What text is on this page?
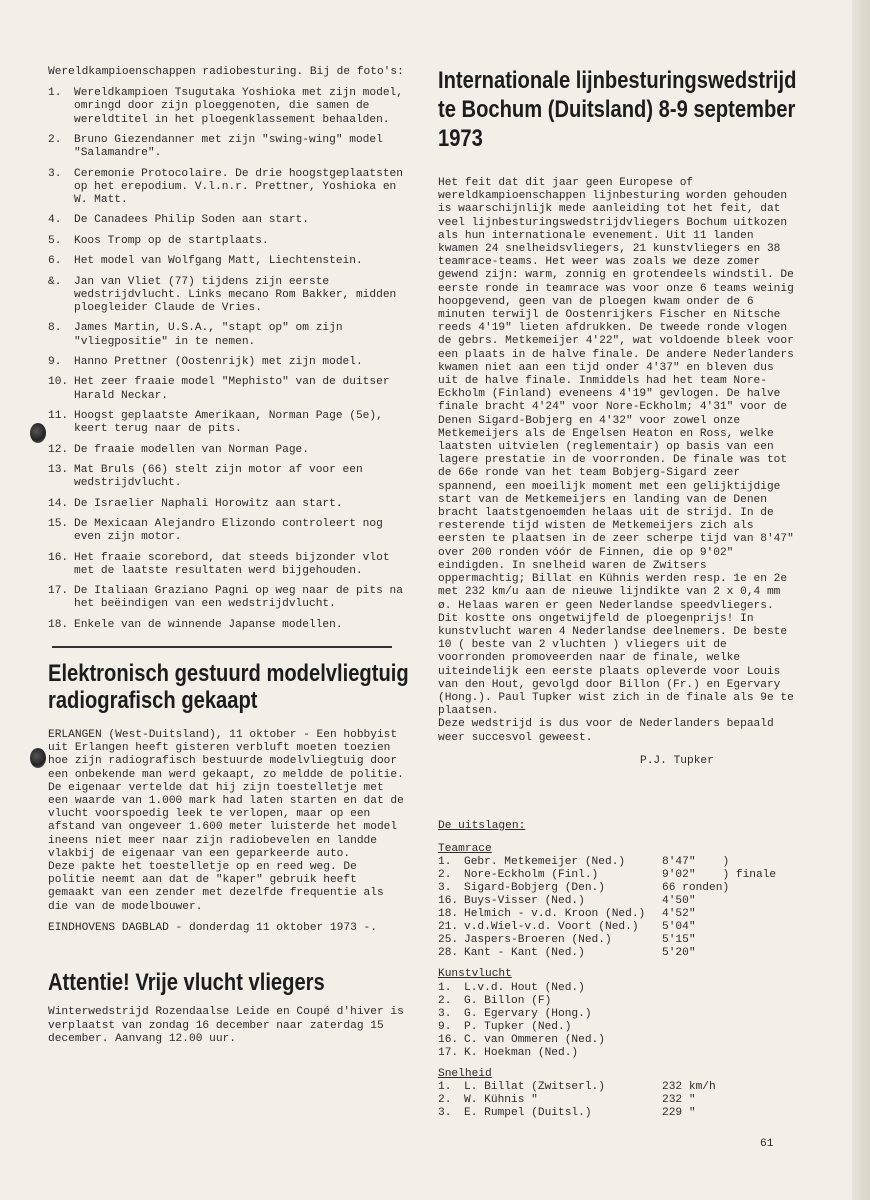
Wereldkampioenschappen radiobesturing. Bij de foto's:

1.	Wereldkampioen Tsugutaka Yoshioka met zijn model, omringd door zijn ploeggenoten, die samen de wereldtitel in het ploegenklassement behaalden.
2.	Bruno Giezendanner met zijn "swing-wing" model "Salamandre".
3.	Ceremonie Protocolaire. De drie hoogstgeplaatsten op het erepodium. V.l.n.r. Prettner, Yoshioka en W. Matt.
4.	De Canadees Philip Soden aan start.
5.	Koos Tromp op de startplaats.
6.	Het model van Wolfgang Matt, Liechtenstein.
&.	Jan van Vliet (77) tijdens zijn eerste wedstrijdvlucht. Links mecano Rom Bakker, midden ploegleider Claude de Vries.
8.	James Martin, U.S.A., "stapt op" om zijn "vliegpositie" in te nemen.
9.	Hanno Prettner (Oostenrijk) met zijn model.
10. Het zeer fraaie model "Mephisto" van de duitser Harald Neckar.
11. Hoogst geplaatste Amerikaan, Norman Page (5e), keert terug naar de pits.
12. De fraaie modellen van Norman Page.
13. Mat Bruls (66) stelt zijn motor af voor een wedstrijdvlucht.
14. De Israelier Naphali Horowitz aan start.
15. De Mexicaan Alejandro Elizondo controleert nog even zijn motor.
16. Het fraaie scorebord, dat steeds bijzonder vlot met de laatste resultaten werd bijgehouden.
17. De Italiaan Graziano Pagni op weg naar de pits na het beëindigen van een wedstrijdvlucht.
18. Enkele van de winnende Japanse modellen.
Elektronisch gestuurd modelvliegtuig radiografisch gekaapt

ERLANGEN (West-Duitsland), 11 oktober - Een hobbyist uit Erlangen heeft gisteren verbluft moeten toezien hoe zijn radiografisch bestuurde modelvliegtuig door een onbekende man werd gekaapt, zo meldde de politie.

De eigenaar vertelde dat hij zijn toestelletje met een waarde van 1.000 mark had laten starten en dat de vlucht voorspoedig leek te verlopen, maar op een afstand van ongeveer 1.600 meter luisterde het model ineens niet meer naar zijn radiobevelen en landde vlakbij de eigenaar van een geparkeerde auto.

Deze pakte het toestelletje op en reed weg. De politie neemt aan dat de "kaper" gebruik heeft gemaakt van een zender met dezelfde frequentie als die van de modelbouwer.

EINDHOVENS DAGBLAD - donderdag 11 oktober 1973 -.

Attentie! Vrije vlucht vliegers

Winterwedstrijd Rozendaalse Leide en Coupé d'hiver is verplaatst van zondag 16 december naar zaterdag 15 december. Aanvang 12.00 uur.

Internationale lijnbesturingswedstrijd te Bochum (Duitsland) 8-9 september 1973

Het feit dat dit jaar geen Europese of wereldkampioenschappen lijnbesturing worden gehouden is waarschijnlijk mede aanleiding tot het feit, dat veel lijnbesturingswedstrijdvliegers Bochum uitkozen als hun internationale evenement. Uit 11 landen kwamen 24 snelheidsvliegers, 21 kunstvliegers en 38 teamrace-teams. Het weer was zoals we deze zomer gewend zijn: warm, zonnig en grotendeels windstil. De eerste ronde in teamrace was voor onze 6 teams weinig hoopgevend, geen van de ploegen kwam onder de 6 minuten terwijl de Oostenrijkers Fischer en Nitsche reeds 4'19" lieten afdrukken. De tweede ronde vlogen de gebrs. Metkemeijer 4'22", wat voldoende bleek voor een plaats in de halve finale. De andere Nederlanders kwamen niet aan een tijd onder 4'37" en bleven dus uit de halve finale. Inmiddels had het team Nore-Eckholm (Finland) eveneens 4'19" gevlogen. De halve finale bracht 4'24" voor Nore-Eckholm; 4'31" voor de Denen Sigard-Bobjerg en 4'32" voor zowel onze Metkemeijers als de Engelsen Heaton en Ross, welke laatsten uitvielen (reglementair) op basis van een lagere prestatie in de voorronden. De finale was tot de 66e ronde van het team Bobjerg-Sigard zeer spannend, een moeilijk moment met een gelijktijdige start van de Metkemeijers en landing van de Denen bracht laatstgenoemden helaas uit de strijd. In de resterende tijd wisten de Metkemeijers zich als eersten te plaatsen in de zeer scherpe tijd van 8'47" over 200 ronden vóór de Finnen, die op 9'02" eindigden. In snelheid waren de Zwitsers oppermachtig; Billat en Kühnis werden resp. 1e en 2e met 232 km/u aan de nieuwe lijndikte van 2 x 0,4 mm ø. Helaas waren er geen Nederlandse speedvliegers. Dit kostte ons ongetwijfeld de ploegenprijs! In kunstvlucht waren 4 Nederlandse deelnemers. De beste 10 ( beste van 2 vluchten ) vliegers uit de voorronden promoveerden naar de finale, welke uiteindelijk een eerste plaats opleverde voor Louis van den Hout, gevolgd door Billon (Fr.) en Egervary (Hong.). Paul Tupker wist zich in de finale als 9e te plaatsen.

Deze wedstrijd is dus voor de Nederlanders bepaald weer succesvol geweest.

P.J. Tupker

De uitslagen:
Teamrace
1.	Gebr. Metkemeijer (Ned.)	8'47"	)
2.	Nore-Eckholm (Finl.)	9'02"	) finale
3.	Sigard-Bobjerg (Den.)	66 ronden	)
16.	Buys-Visser (Ned.)	4'50"	
18.	Helmich - v.d. Kroon (Ned.)	4'52"	
21.	v.d.Wiel-v.d. Voort (Ned.)	5'04"	
25.	Jaspers-Broeren (Ned.)	5'15"	
28.	Kant - Kant (Ned.)	5'20"	
Kunstvlucht
1.	L.v.d. Hout (Ned.)
2.	G. Billon (F)
3.	G. Egervary (Hong.)
9.	P. Tupker (Ned.)
16.	C. van Ommeren (Ned.)
17.	K. Hoekman (Ned.)
Snelheid
1.	L. Billat (Zwitserl.)	232 km/h
2.	W. Kühnis "	232 "
3.	E. Rumpel (Duitsl.)	229 "
61
